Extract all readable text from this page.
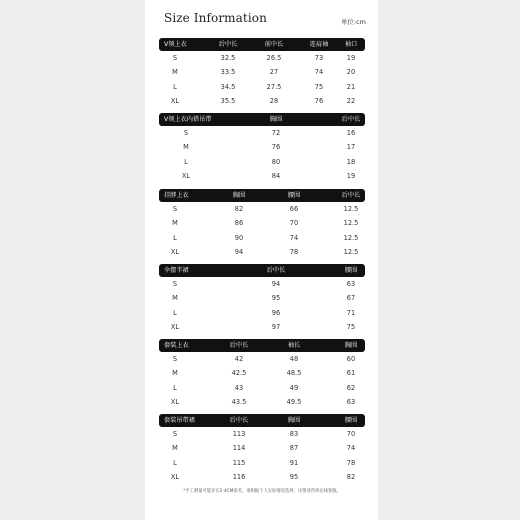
Size Information	单位:cm
V领上衣	后中长	前中长	连肩袖	袖口
S	32.5	26.5	73	19
M	33.5	27	74	20
L	34.5	27.5	75	21
XL	35.5	28	76	22
V领上衣内搭吊带	胸围	后中长
S	72	16
M	76	17
L	80	18
XL	84	19
挂脖上衣	胸围	腰围	后中长
S	82	66	12.5
M	86	70	12.5
L	90	74	12.5
XL	94	78	12.5
伞摆半裙	后中长	腰围
S	94	63
M	95	67
L	96	71
XL	97	75
套装上衣	后中长	袖长	胸围
S	42	48	60
M	42.5	48.5	61
L	43	49	62
XL	43.5	49.5	63
套装吊带裙	后中长	胸围	腰围
S	113	83	70
M	114	87	74
L	115	91	78
XL	116	95	82
*手工测量可能存在2-4CM误差，请根据个人实际情况选择，详情请咨询在线客服。
